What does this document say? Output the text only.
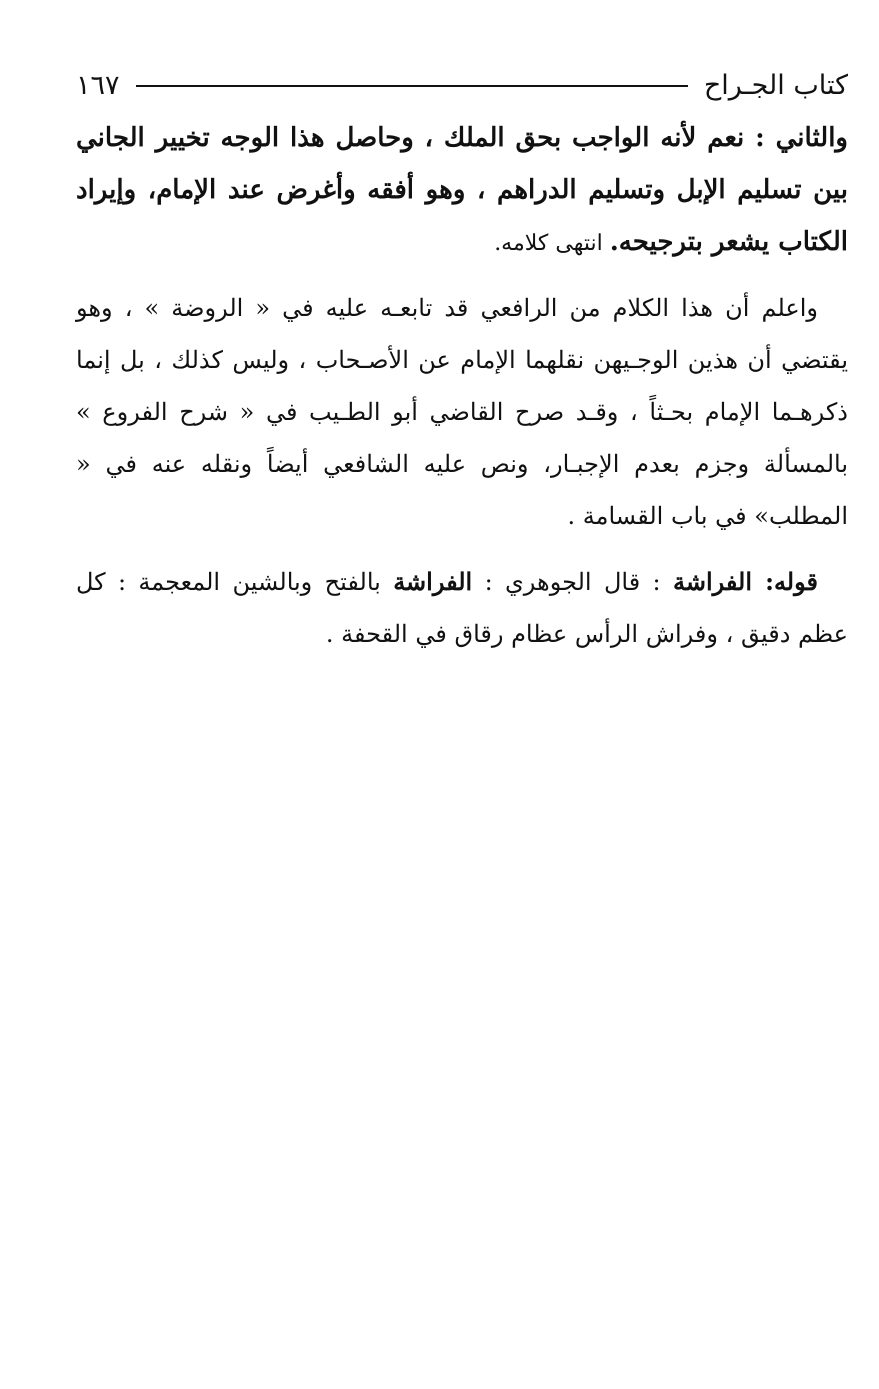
كتاب الجـراح
١٦٧

والثاني : نعم لأنه الواجب بحق الملك ، وحاصل هذا الوجه تخيير الجاني بين تسليم الإبل وتسليم الدراهم ، وهو أفقه وأغرض عند الإمام، وإيراد الكتاب يشعر بترجيحه. انتهى كلامه.

واعلم أن هذا الكلام من الرافعي قد تابعـه عليه في « الروضة » ، وهو يقتضي أن هذين الوجـيهن نقلهما الإمام عن الأصـحاب ، وليس كذلك ، بل إنما ذكرهـما الإمام بحـثاً ، وقـد صرح القاضي أبو الطـيب في « شرح الفروع » بالمسألة وجزم بعدم الإجبـار، ونص عليه الشافعي أيضاً ونقله عنه في « المطلب» في باب القسامة .

قوله: الفراشة : قال الجوهري : الفراشة بالفتح وبالشين المعجمة : كل عظم دقيق ، وفراش الرأس عظام رقاق في القحفة .
